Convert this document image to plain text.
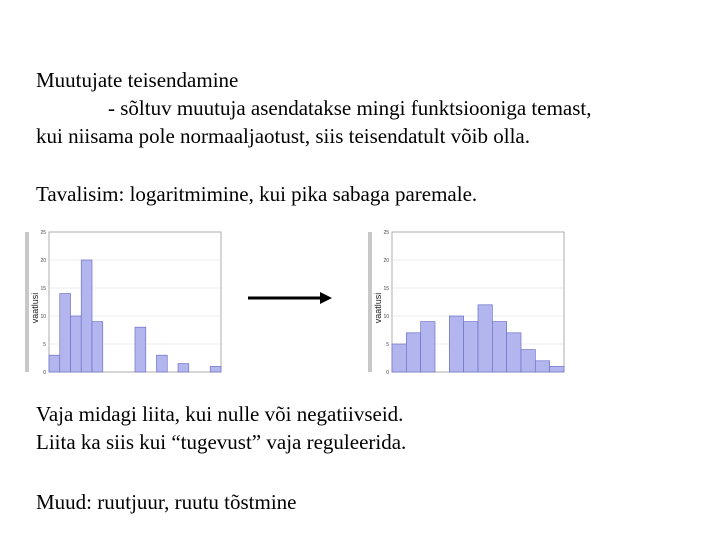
Muutujate teisendamine

- sõltuv muutuja asendatakse mingi funktsiooniga temast,

kui niisama pole normaaljaotust, siis teisendatult võib olla.

Tavalisim: logaritmimine, kui pika sabaga paremale.

vaatlusi
25
20
15
10
5
0
vaatlusi
25
20
15
10
5
0

Vaja midagi liita, kui nulle või negatiivseid.

Liita ka siis kui “tugevust” vaja reguleerida.

Muud: ruutjuur, ruutu tõstmine
